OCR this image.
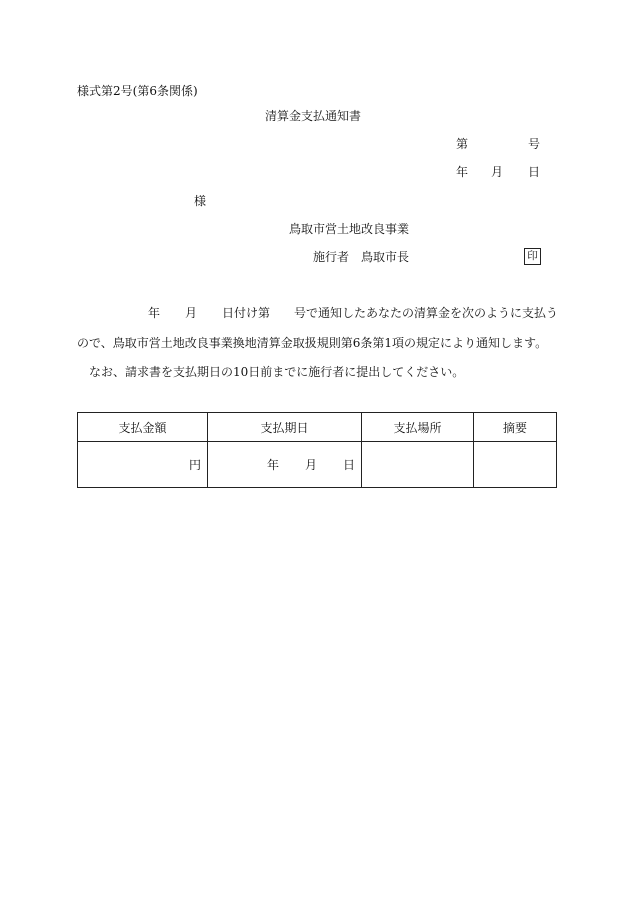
様式第2号(第6条関係)
清算金支払通知書
第	号
年 月 日
様
鳥取市営土地改良事業
施行者 鳥取市長	印
年 月 日付け第 号で通知したあなたの清算金を次のように支払う
ので、鳥取市営土地改良事業換地清算金取扱規則第6条第1項の規定により通知します。
なお、請求書を支払期日の10日前までに施行者に提出してください。
支払金額	支払期日	支払場所	摘要
円	年 月 日		
